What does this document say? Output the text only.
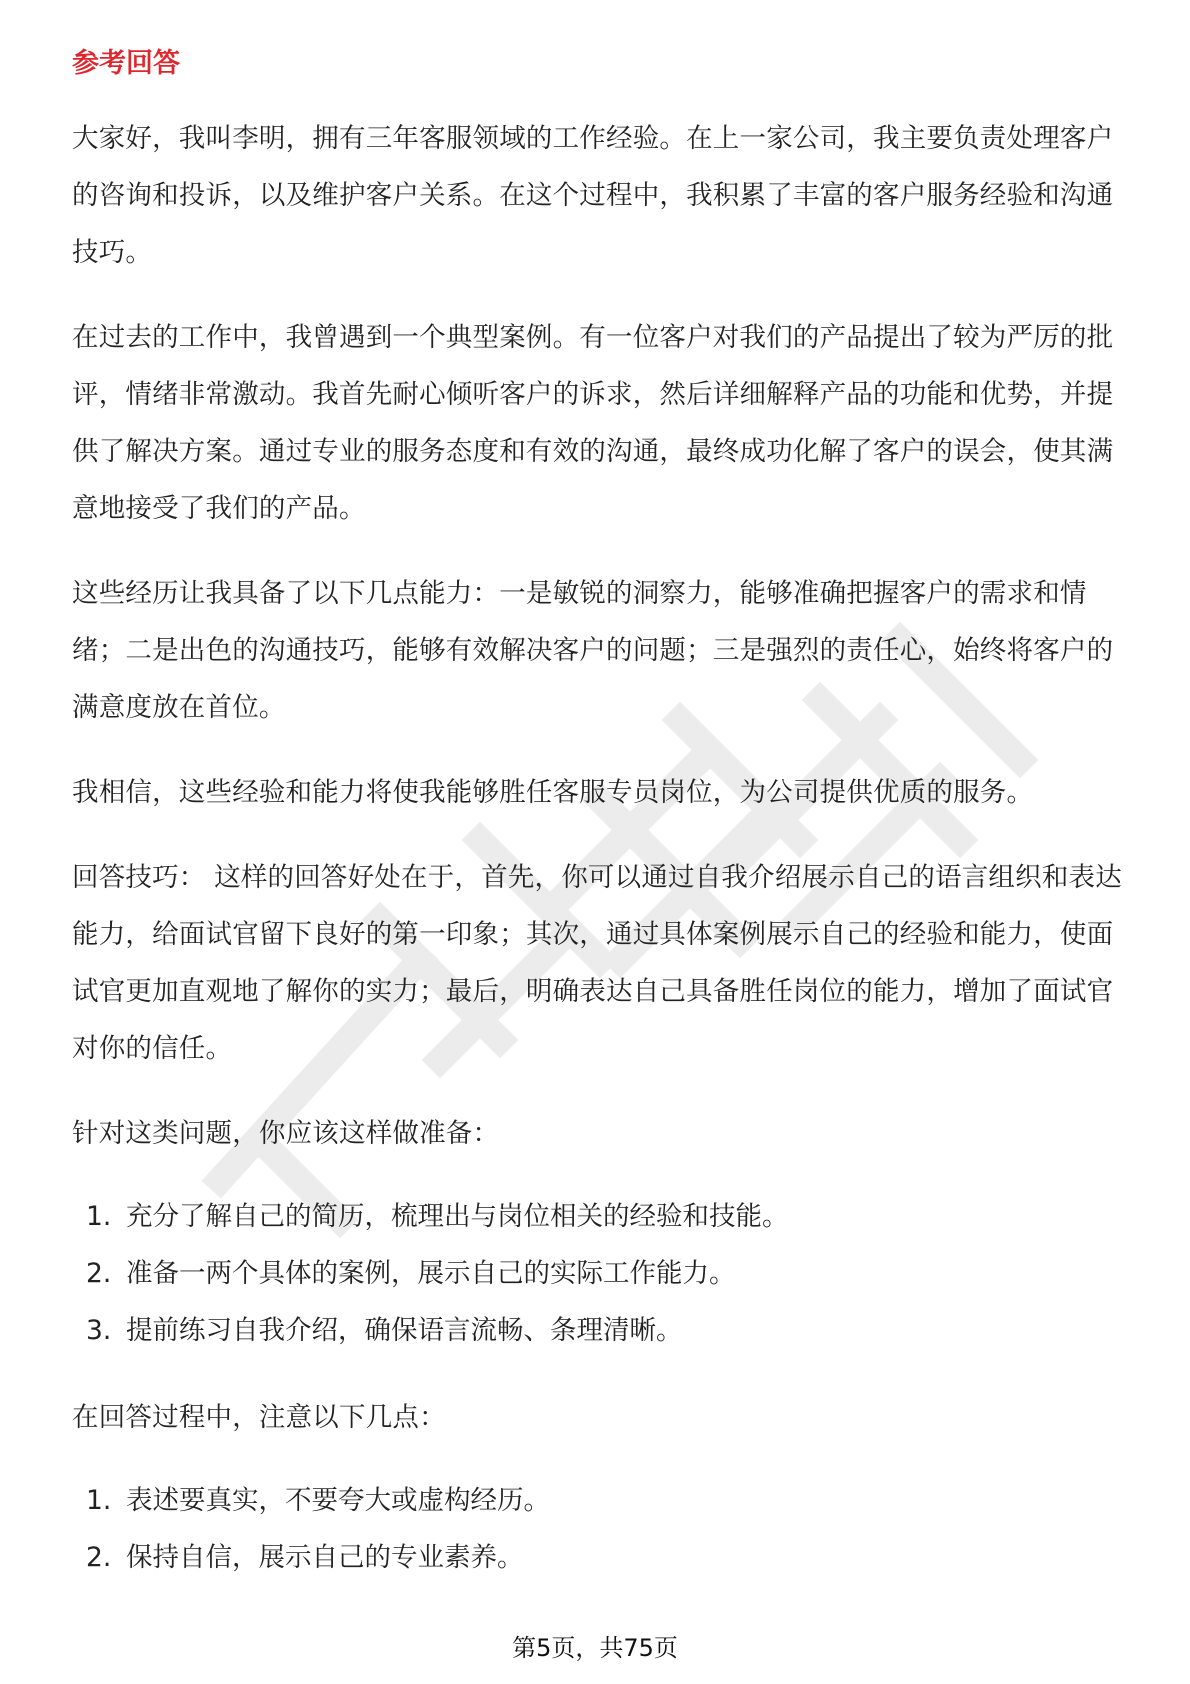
参考回答

大家好，我叫李明，拥有三年客服领域的工作经验。在上一家公司，我主要负责处理客户的咨询和投诉，以及维护客户关系。在这个过程中，我积累了丰富的客户服务经验和沟通技巧。

在过去的工作中，我曾遇到一个典型案例。有一位客户对我们的产品提出了较为严厉的批评，情绪非常激动。我首先耐心倾听客户的诉求，然后详细解释产品的功能和优势，并提供了解决方案。通过专业的服务态度和有效的沟通，最终成功化解了客户的误会，使其满意地接受了我们的产品。

这些经历让我具备了以下几点能力：一是敏锐的洞察力，能够准确把握客户的需求和情绪；二是出色的沟通技巧，能够有效解决客户的问题；三是强烈的责任心，始终将客户的满意度放在首位。

我相信，这些经验和能力将使我能够胜任客服专员岗位，为公司提供优质的服务。

回答技巧： 这样的回答好处在于，首先，你可以通过自我介绍展示自己的语言组织和表达能力，给面试官留下良好的第一印象；其次，通过具体案例展示自己的经验和能力，使面试官更加直观地了解你的实力；最后，明确表达自己具备胜任岗位的能力，增加了面试官对你的信任。

针对这类问题，你应该这样做准备：

1. 充分了解自己的简历，梳理出与岗位相关的经验和技能。
2. 准备一两个具体的案例，展示自己的实际工作能力。
3. 提前练习自我介绍，确保语言流畅、条理清晰。

在回答过程中，注意以下几点：

1. 表述要真实，不要夸大或虚构经历。
2. 保持自信，展示自己的专业素养。
第5页，共75页
